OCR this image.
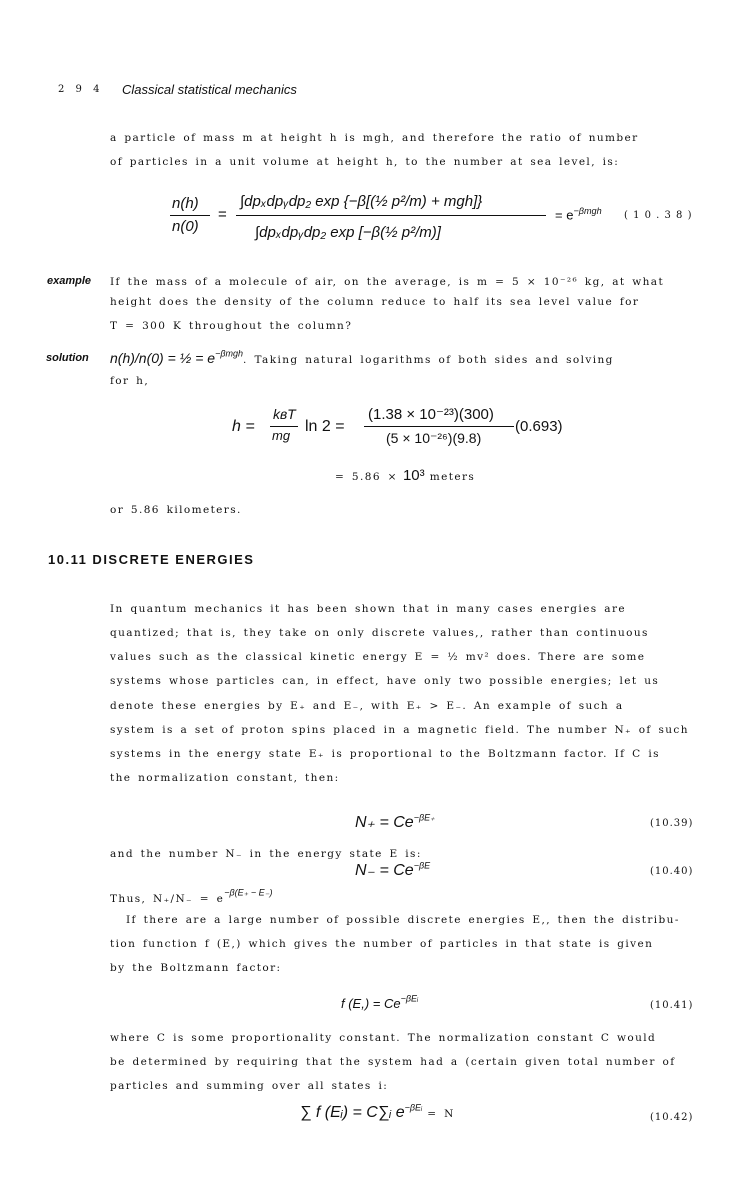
2 9 4 Classical statistical mechanics
a particle of mass m at height h is mgh, and therefore the ratio of number
of particles in a unit volume at height h, to the number at sea level, is:
n(h)
n(0)
=
∫dpₓdpᵧdp₂ exp {−β[(½ p²/m) + mgh]}
∫dpₓdpᵧdp₂ exp [−β(½ p²/m)]
= $e^{-\beta mgh}$ ( 1 0 . 3 8 )
example If the mass of a molecule of air, on the average, is m = 5 × 10⁻²⁶ kg, at what
height does the density of the column reduce to half its sea level value for
T = 300 K throughout the column?
solution n(h)/n(0) = ½ = $e^{-\beta mgh}$. Taking natural logarithms of both sides and solving
for h,
h =
kʙT
mg
ln 2 =
(1.38 × 10⁻²³)(300)
(5 × 10⁻²⁶)(9.8)
(0.693)
= 5.86 × 10³ meters
or 5.86 kilometers.
10.11 DISCRETE ENERGIES
In quantum mechanics it has been shown that in many cases energies are
quantized; that is, they take on only discrete values,, rather than continuous
values such as the classical kinetic energy E = ½ mv² does. There are some
systems whose particles can, in effect, have only two possible energies; let us
denote these energies by E₊ and E₋, with E₊ > E₋. An example of such a
system is a set of proton spins placed in a magnetic field. The number N₊ of such
systems in the energy state E₊ is proportional to the Boltzmann factor. If C is
the normalization constant, then:
$N_+ = Ce^{-\beta E_+}$
(10.39)
and the number N₋ in the energy state E is:
$N_- = Ce^{-\beta E}$
(10.40)
Thus, $N_+/N_- = e^{-\beta(E_+ - E_-)}$
If there are a large number of possible discrete energies E,, then the distribu-
tion function f (E,) which gives the number of particles in that state is given
by the Boltzmann factor:
f $(E,) = Ce^{-\beta Eᵢ}$
(10.41)
where C is some proportionality constant. The normalization constant C would
be determined by requiring that the system had a (certain given total number of
particles and summing over all states i:
∑ f (Eᵢ) = C∑ᵢ $e^{-\beta Eᵢ} = N$	(10.42)
